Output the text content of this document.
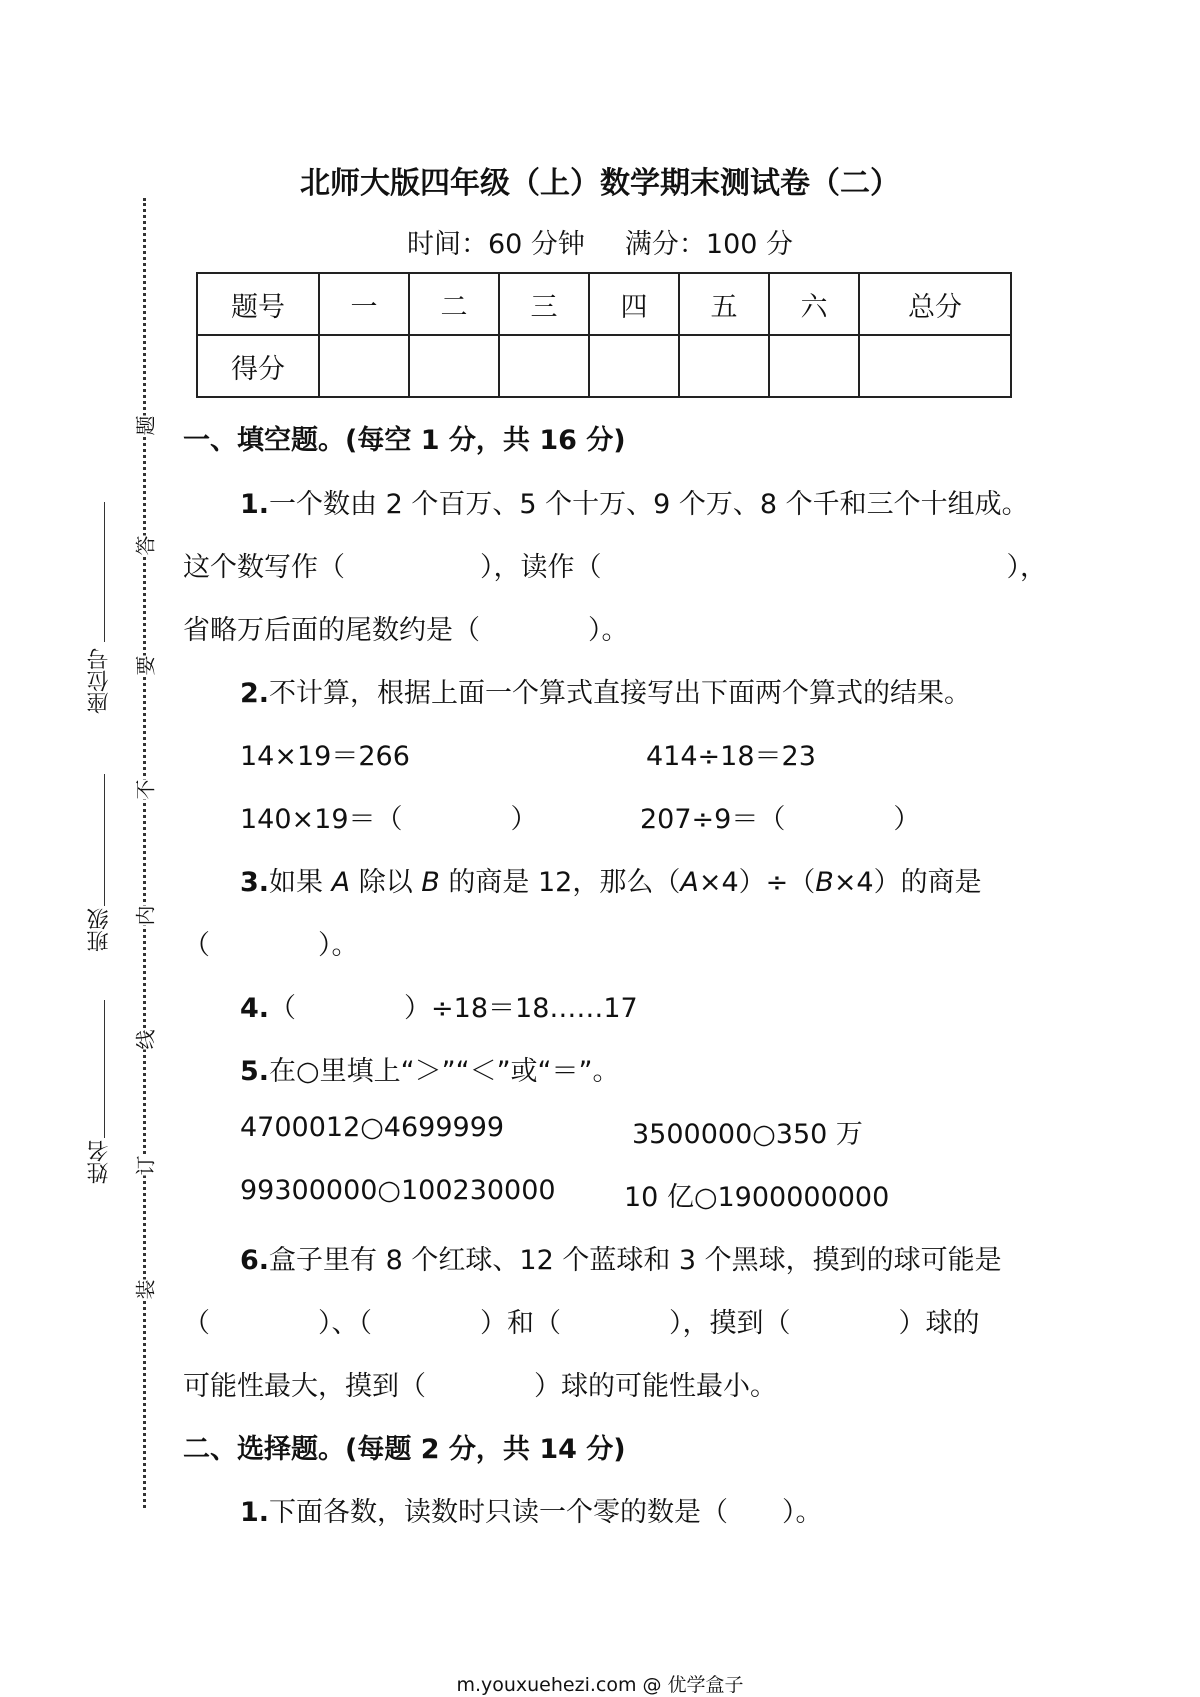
题
答
要
不
内
线
订
装
座位号
班级
姓名
北师大版四年级（上）数学期末测试卷（二）
时间：60 分钟 满分：100 分
题号	一	二	三	四	五	六	总分
得分							
一、填空题。(每空 1 分，共 16 分)
1.一个数由 2 个百万、5 个十万、9 个万、8 个千和三个十组成。
这个数写作（　　　　　），读作（　　　　　　　　　　　　　　　），
省略万后面的尾数约是（　　　　）。
2.不计算，根据上面一个算式直接写出下面两个算式的结果。
14×19＝266	414÷18＝23
140×19＝（　　　　）	207÷9＝（　　　　）
3.如果 A 除以 B 的商是 12，那么（A×4）÷（B×4）的商是
（　　　　）。
4.（　　　　）÷18＝18……17
5.在○里填上“＞”“＜”或“＝”。
4700012○4699999	3500000○350 万
99300000○100230000	10 亿○1900000000
6.盒子里有 8 个红球、12 个蓝球和 3 个黑球，摸到的球可能是
（　　　　）、（　　　　）和（　　　　），摸到（　　　　）球的
可能性最大，摸到（　　　　）球的可能性最小。
二、选择题。(每题 2 分，共 14 分)
1.下面各数，读数时只读一个零的数是（　　）。
m.youxuehezi.com @ 优学盒子
